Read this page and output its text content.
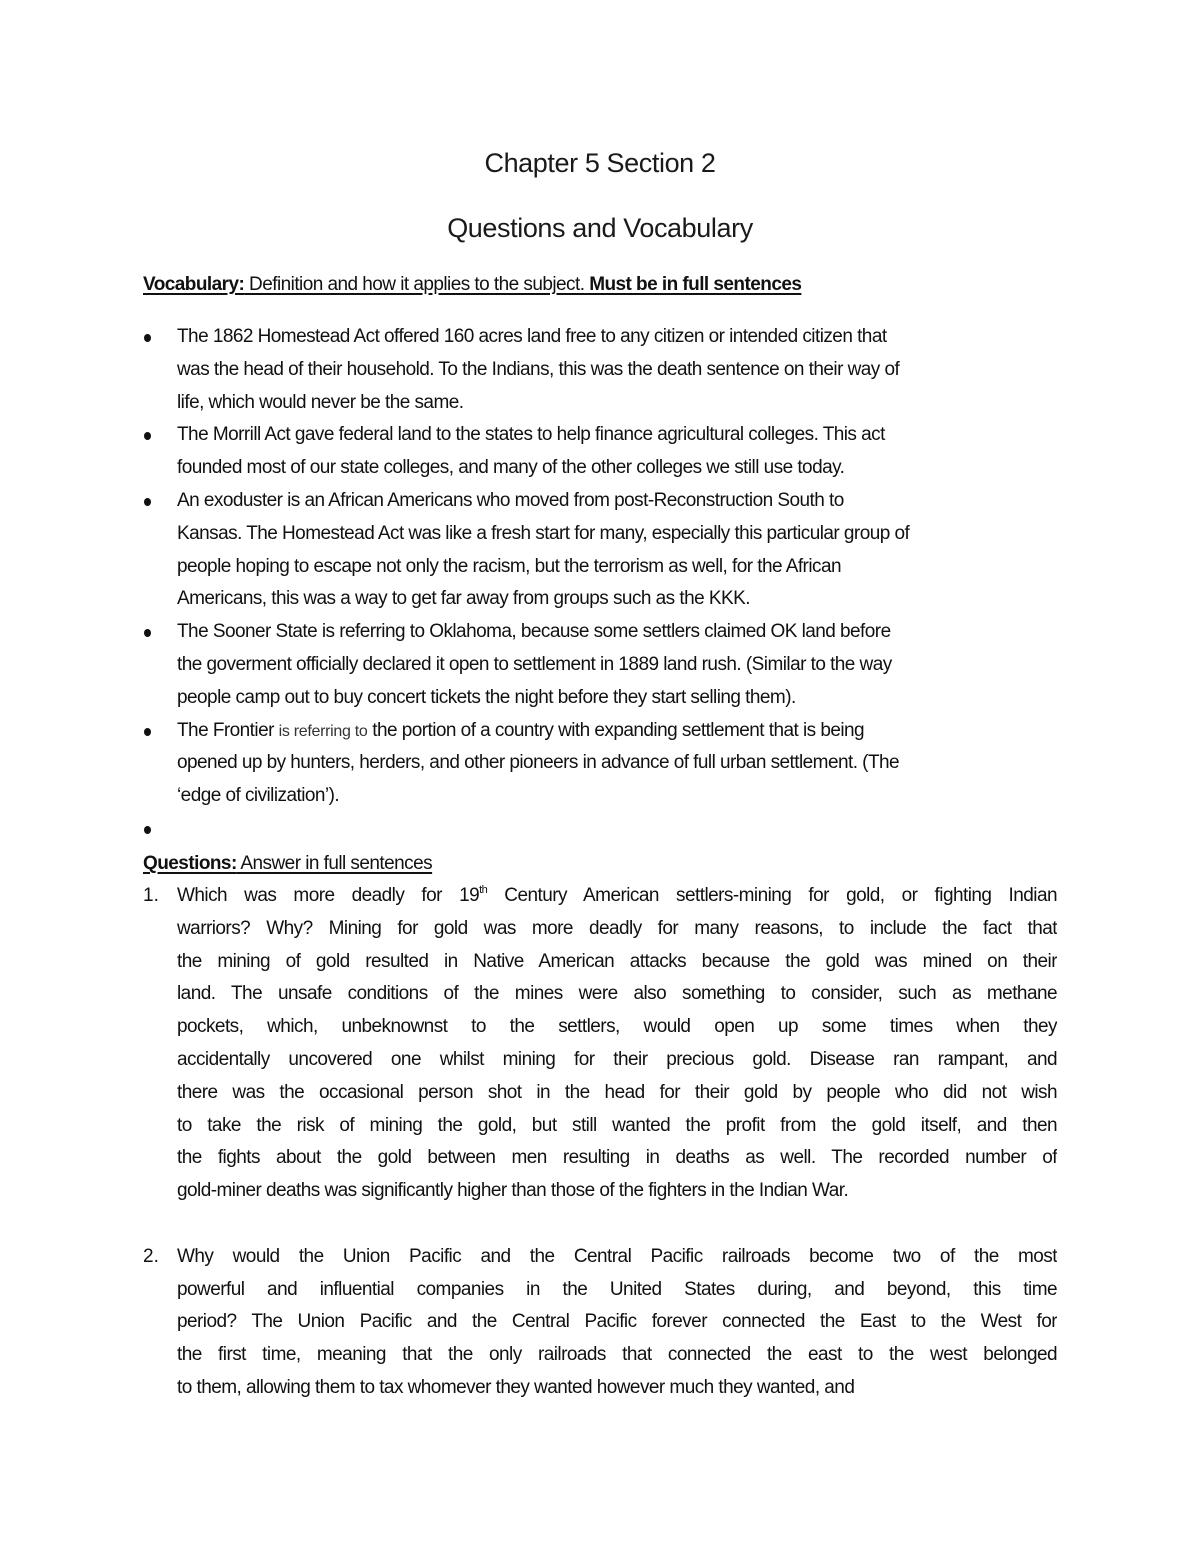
Chapter 5 Section 2
Questions and Vocabulary

Vocabulary: Definition and how it applies to the subject. Must be in full sentences

The 1862 Homestead Act offered 160 acres land free to any citizen or intended citizen that
was the head of their household. To the Indians, this was the death sentence on their way of
life, which would never be the same.
The Morrill Act gave federal land to the states to help finance agricultural colleges. This act
founded most of our state colleges, and many of the other colleges we still use today.
An exoduster is an African Americans who moved from post-Reconstruction South to
Kansas. The Homestead Act was like a fresh start for many, especially this particular group of
people hoping to escape not only the racism, but the terrorism as well, for the African
Americans, this was a way to get far away from groups such as the KKK.
The Sooner State is referring to Oklahoma, because some settlers claimed OK land before
the goverment officially declared it open to settlement in 1889 land rush. (Similar to the way
people camp out to buy concert tickets the night before they start selling them).
The Frontier is referring to the portion of a country with expanding settlement that is being
opened up by hunters, herders, and other pioneers in advance of full urban settlement. (The
‘edge of civilization’).

Questions: Answer in full sentences

1. Which was more deadly for 19th Century American settlers-mining for gold, or fighting Indian
warriors? Why? Mining for gold was more deadly for many reasons, to include the fact that
the mining of gold resulted in Native American attacks because the gold was mined on their
land. The unsafe conditions of the mines were also something to consider, such as methane
pockets, which, unbeknownst to the settlers, would open up some times when they
accidentally uncovered one whilst mining for their precious gold. Disease ran rampant, and
there was the occasional person shot in the head for their gold by people who did not wish
to take the risk of mining the gold, but still wanted the profit from the gold itself, and then
the fights about the gold between men resulting in deaths as well. The recorded number of
gold-miner deaths was significantly higher than those of the fighters in the Indian War.
2. Why would the Union Pacific and the Central Pacific railroads become two of the most
powerful and influential companies in the United States during, and beyond, this time
period? The Union Pacific and the Central Pacific forever connected the East to the West for
the first time, meaning that the only railroads that connected the east to the west belonged
to them, allowing them to tax whomever they wanted however much they wanted, and
